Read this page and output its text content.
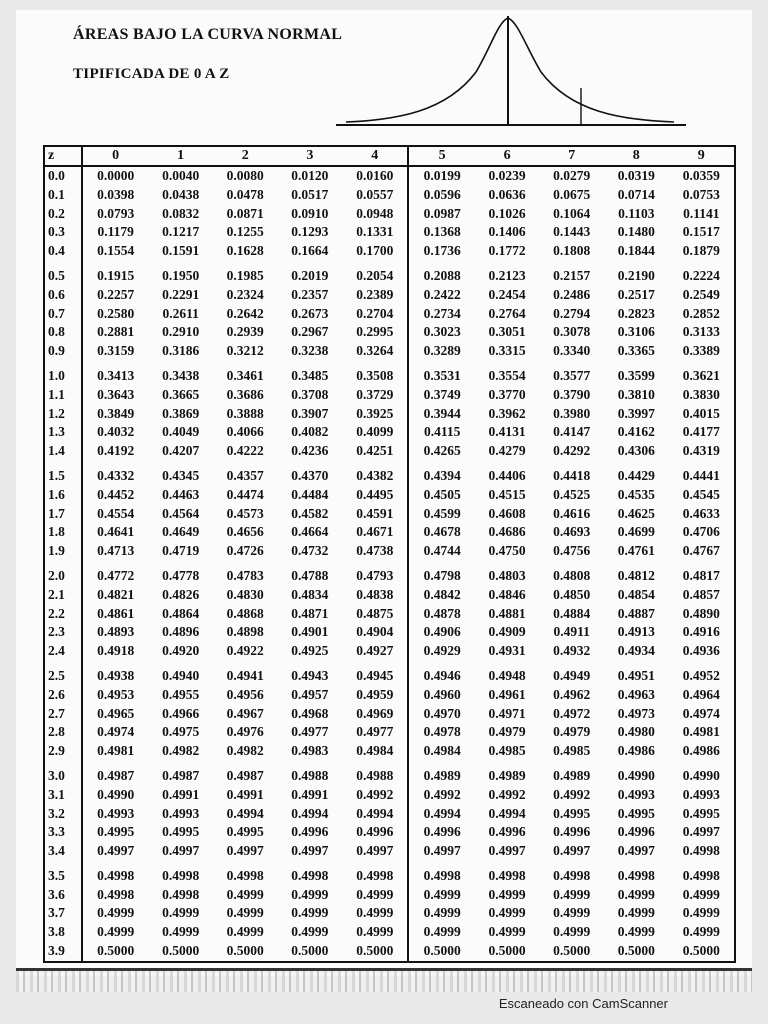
ÁREAS BAJO LA CURVA NORMAL
TIPIFICADA DE 0 A Z
z	0	1	2	3	4	5	6	7	8	9
0.0	0.0000	0.0040	0.0080	0.0120	0.0160	0.0199	0.0239	0.0279	0.0319	0.0359
0.1	0.0398	0.0438	0.0478	0.0517	0.0557	0.0596	0.0636	0.0675	0.0714	0.0753
0.2	0.0793	0.0832	0.0871	0.0910	0.0948	0.0987	0.1026	0.1064	0.1103	0.1141
0.3	0.1179	0.1217	0.1255	0.1293	0.1331	0.1368	0.1406	0.1443	0.1480	0.1517
0.4	0.1554	0.1591	0.1628	0.1664	0.1700	0.1736	0.1772	0.1808	0.1844	0.1879
0.5	0.1915	0.1950	0.1985	0.2019	0.2054	0.2088	0.2123	0.2157	0.2190	0.2224
0.6	0.2257	0.2291	0.2324	0.2357	0.2389	0.2422	0.2454	0.2486	0.2517	0.2549
0.7	0.2580	0.2611	0.2642	0.2673	0.2704	0.2734	0.2764	0.2794	0.2823	0.2852
0.8	0.2881	0.2910	0.2939	0.2967	0.2995	0.3023	0.3051	0.3078	0.3106	0.3133
0.9	0.3159	0.3186	0.3212	0.3238	0.3264	0.3289	0.3315	0.3340	0.3365	0.3389
1.0	0.3413	0.3438	0.3461	0.3485	0.3508	0.3531	0.3554	0.3577	0.3599	0.3621
1.1	0.3643	0.3665	0.3686	0.3708	0.3729	0.3749	0.3770	0.3790	0.3810	0.3830
1.2	0.3849	0.3869	0.3888	0.3907	0.3925	0.3944	0.3962	0.3980	0.3997	0.4015
1.3	0.4032	0.4049	0.4066	0.4082	0.4099	0.4115	0.4131	0.4147	0.4162	0.4177
1.4	0.4192	0.4207	0.4222	0.4236	0.4251	0.4265	0.4279	0.4292	0.4306	0.4319
1.5	0.4332	0.4345	0.4357	0.4370	0.4382	0.4394	0.4406	0.4418	0.4429	0.4441
1.6	0.4452	0.4463	0.4474	0.4484	0.4495	0.4505	0.4515	0.4525	0.4535	0.4545
1.7	0.4554	0.4564	0.4573	0.4582	0.4591	0.4599	0.4608	0.4616	0.4625	0.4633
1.8	0.4641	0.4649	0.4656	0.4664	0.4671	0.4678	0.4686	0.4693	0.4699	0.4706
1.9	0.4713	0.4719	0.4726	0.4732	0.4738	0.4744	0.4750	0.4756	0.4761	0.4767
2.0	0.4772	0.4778	0.4783	0.4788	0.4793	0.4798	0.4803	0.4808	0.4812	0.4817
2.1	0.4821	0.4826	0.4830	0.4834	0.4838	0.4842	0.4846	0.4850	0.4854	0.4857
2.2	0.4861	0.4864	0.4868	0.4871	0.4875	0.4878	0.4881	0.4884	0.4887	0.4890
2.3	0.4893	0.4896	0.4898	0.4901	0.4904	0.4906	0.4909	0.4911	0.4913	0.4916
2.4	0.4918	0.4920	0.4922	0.4925	0.4927	0.4929	0.4931	0.4932	0.4934	0.4936
2.5	0.4938	0.4940	0.4941	0.4943	0.4945	0.4946	0.4948	0.4949	0.4951	0.4952
2.6	0.4953	0.4955	0.4956	0.4957	0.4959	0.4960	0.4961	0.4962	0.4963	0.4964
2.7	0.4965	0.4966	0.4967	0.4968	0.4969	0.4970	0.4971	0.4972	0.4973	0.4974
2.8	0.4974	0.4975	0.4976	0.4977	0.4977	0.4978	0.4979	0.4979	0.4980	0.4981
2.9	0.4981	0.4982	0.4982	0.4983	0.4984	0.4984	0.4985	0.4985	0.4986	0.4986
3.0	0.4987	0.4987	0.4987	0.4988	0.4988	0.4989	0.4989	0.4989	0.4990	0.4990
3.1	0.4990	0.4991	0.4991	0.4991	0.4992	0.4992	0.4992	0.4992	0.4993	0.4993
3.2	0.4993	0.4993	0.4994	0.4994	0.4994	0.4994	0.4994	0.4995	0.4995	0.4995
3.3	0.4995	0.4995	0.4995	0.4996	0.4996	0.4996	0.4996	0.4996	0.4996	0.4997
3.4	0.4997	0.4997	0.4997	0.4997	0.4997	0.4997	0.4997	0.4997	0.4997	0.4998
3.5	0.4998	0.4998	0.4998	0.4998	0.4998	0.4998	0.4998	0.4998	0.4998	0.4998
3.6	0.4998	0.4998	0.4999	0.4999	0.4999	0.4999	0.4999	0.4999	0.4999	0.4999
3.7	0.4999	0.4999	0.4999	0.4999	0.4999	0.4999	0.4999	0.4999	0.4999	0.4999
3.8	0.4999	0.4999	0.4999	0.4999	0.4999	0.4999	0.4999	0.4999	0.4999	0.4999
3.9	0.5000	0.5000	0.5000	0.5000	0.5000	0.5000	0.5000	0.5000	0.5000	0.5000
Escaneado con CamScanner
